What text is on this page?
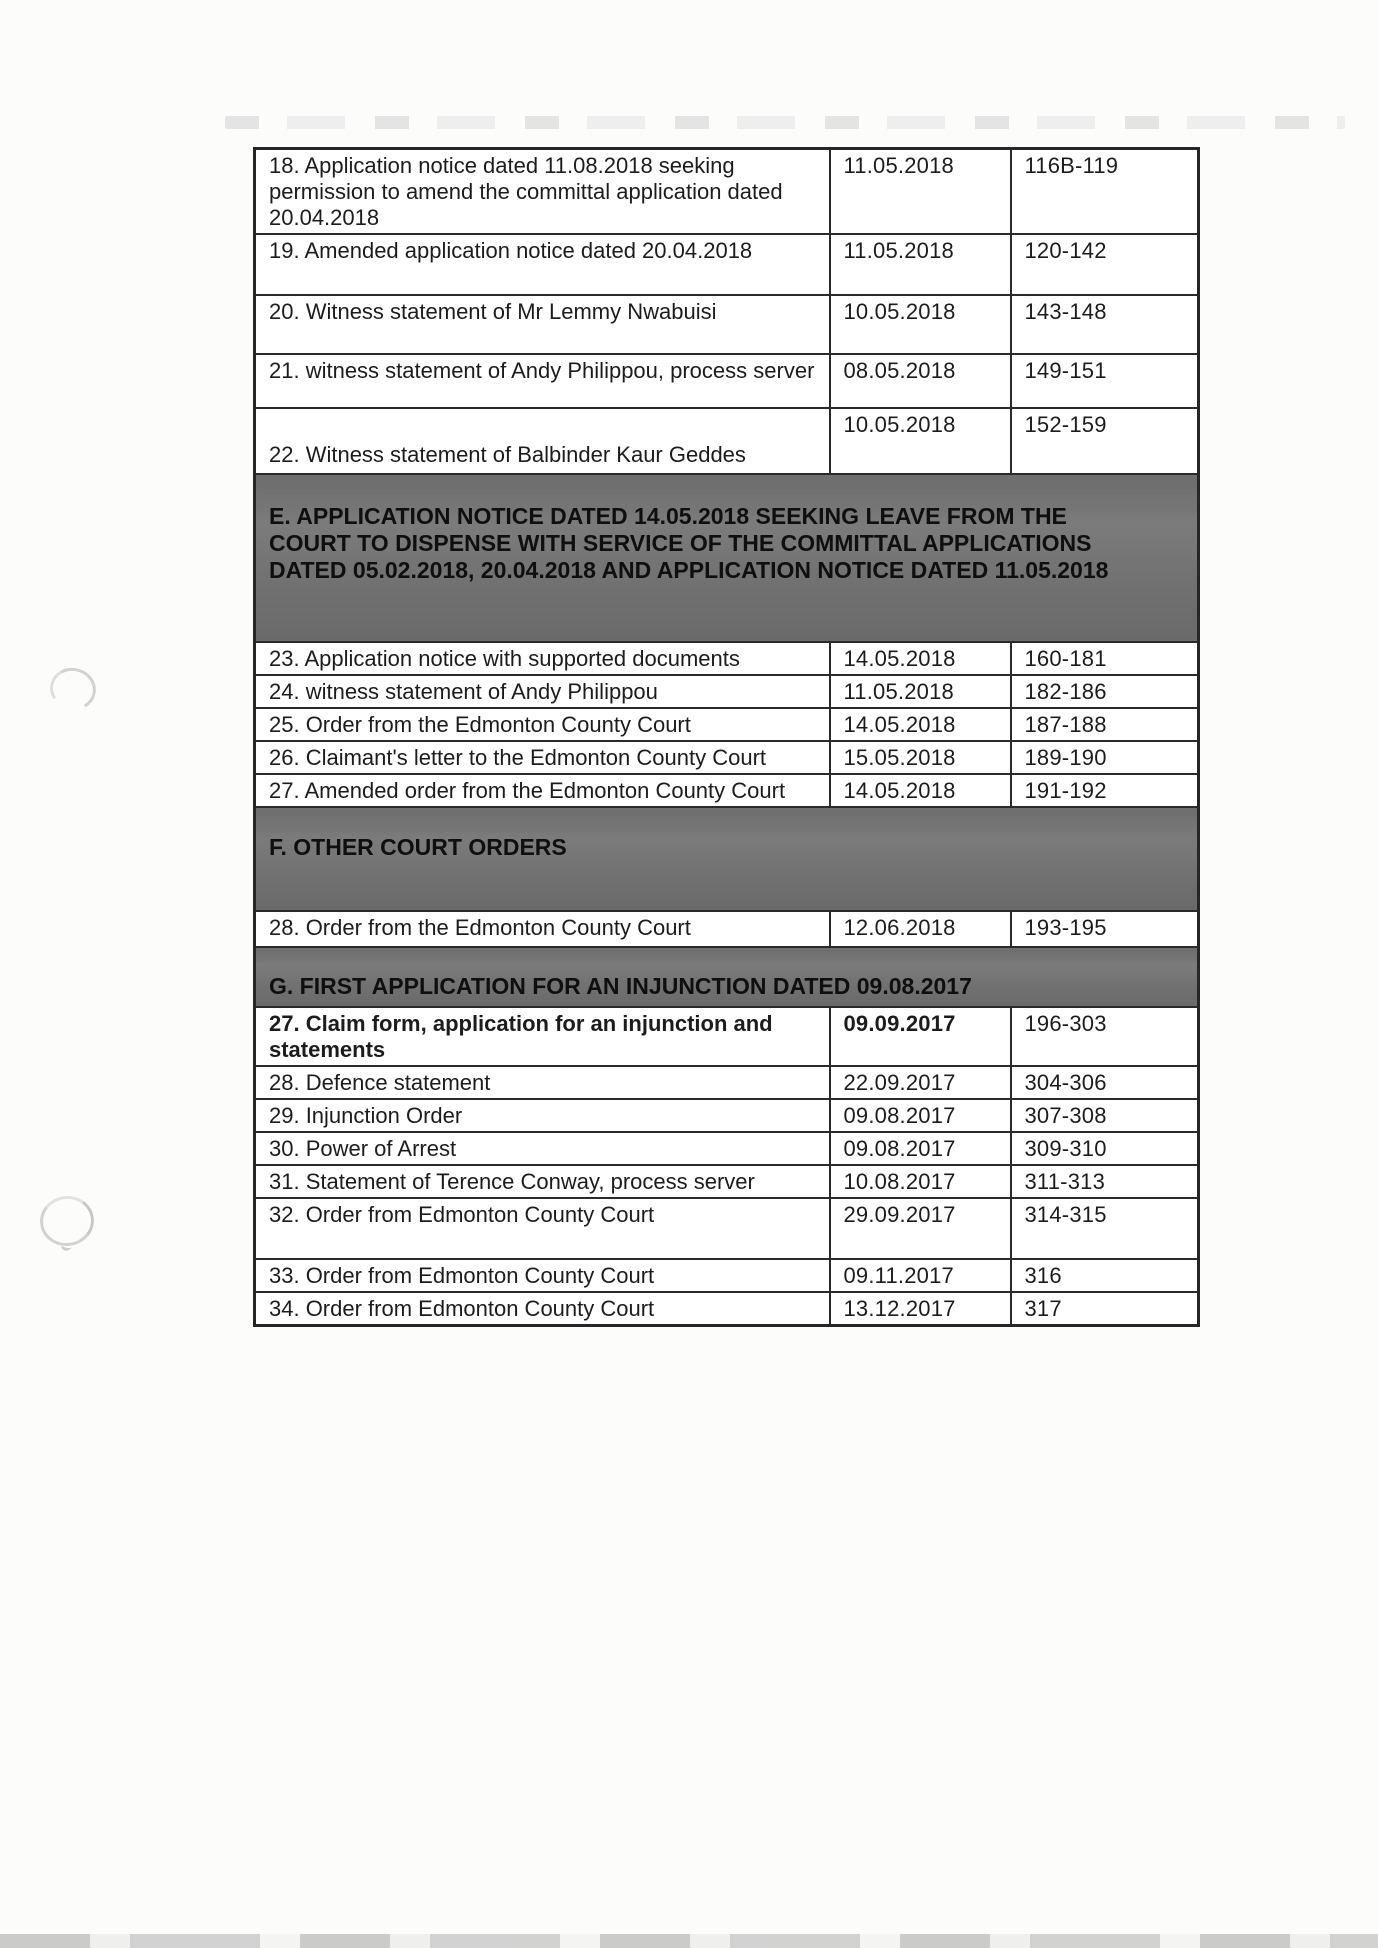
18. Application notice dated 11.08.2018 seeking permission to amend the committal application dated 20.04.2018	11.05.2018	116B-119
19. Amended application notice dated 20.04.2018	11.05.2018	120-142
20. Witness statement of Mr Lemmy Nwabuisi	10.05.2018	143-148
21. witness statement of Andy Philippou, process server	08.05.2018	149-151
22. Witness statement of Balbinder Kaur Geddes	10.05.2018	152-159
E. APPLICATION NOTICE DATED 14.05.2018 SEEKING LEAVE FROM THE COURT TO DISPENSE WITH SERVICE OF THE COMMITTAL APPLICATIONS DATED 05.02.2018, 20.04.2018 AND APPLICATION NOTICE DATED 11.05.2018		
23. Application notice with supported documents	14.05.2018	160-181
24. witness statement of Andy Philippou	11.05.2018	182-186
25. Order from the Edmonton County Court	14.05.2018	187-188
26. Claimant's letter to the Edmonton County Court	15.05.2018	189-190
27. Amended order from the Edmonton County Court	14.05.2018	191-192
F. OTHER COURT ORDERS		
28. Order from the Edmonton County Court	12.06.2018	193-195
G. FIRST APPLICATION FOR AN INJUNCTION DATED 09.08.2017		
27. Claim form, application for an injunction and statements	09.09.2017	196-303
28. Defence statement	22.09.2017	304-306
29. Injunction Order	09.08.2017	307-308
30. Power of Arrest	09.08.2017	309-310
31. Statement of Terence Conway, process server	10.08.2017	311-313
32. Order from Edmonton County Court	29.09.2017	314-315
33. Order from Edmonton County Court	09.11.2017	316
34. Order from Edmonton County Court	13.12.2017	317
